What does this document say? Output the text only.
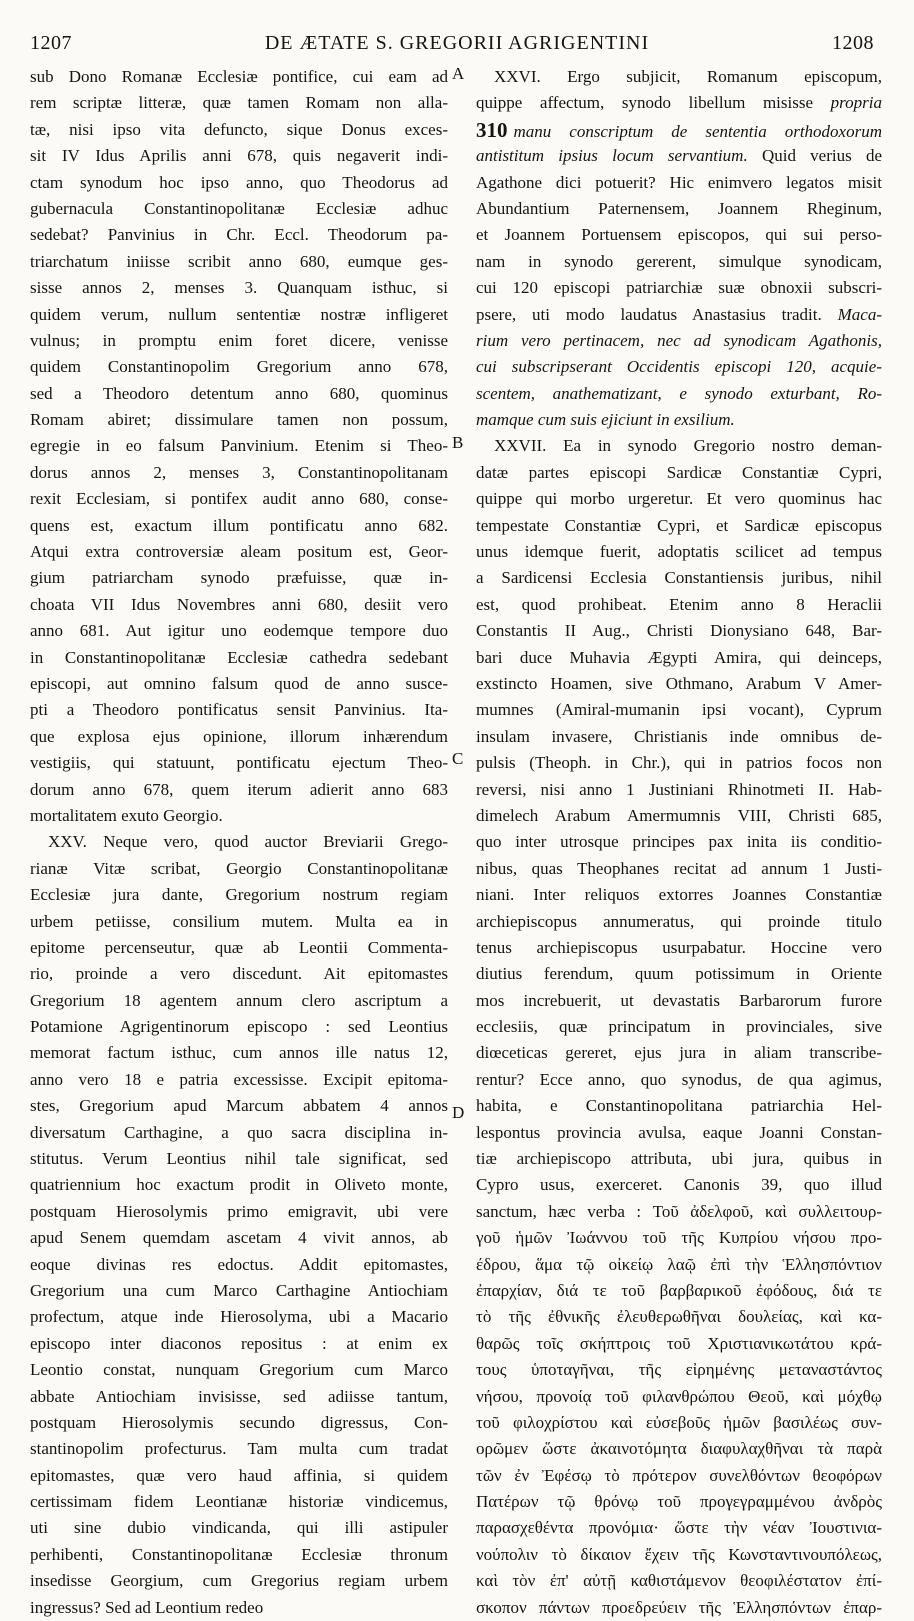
1207	DE ÆTATE S. GREGORII AGRIGENTINI	1208
A
B
C
D
sub Dono Romanæ Ecclesiæ pontifice, cui eam ad
rem scriptæ litteræ, quæ tamen Romam non alla-
tæ, nisi ipso vita defuncto, sique Donus exces-
sit IV Idus Aprilis anni 678, quis negaverit indi-
ctam synodum hoc ipso anno, quo Theodorus ad
gubernacula Constantinopolitanæ Ecclesiæ adhuc
sedebat? Panvinius in Chr. Eccl. Theodorum pa-
triarchatum iniisse scribit anno 680, eumque ges-
sisse annos 2, menses 3. Quanquam isthuc, si
quidem verum, nullum sententiæ nostræ infligeret
vulnus; in promptu enim foret dicere, venisse
quidem Constantinopolim Gregorium anno 678,
sed a Theodoro detentum anno 680, quominus
Romam abiret; dissimulare tamen non possum,
egregie in eo falsum Panvinium. Etenim si Theo-
dorus annos 2, menses 3, Constantinopolitanam
rexit Ecclesiam, si pontifex audit anno 680, conse-
quens est, exactum illum pontificatu anno 682.
Atqui extra controversiæ aleam positum est, Geor-
gium patriarcham synodo præfuisse, quæ in-
choata VII Idus Novembres anni 680, desiit vero
anno 681. Aut igitur uno eodemque tempore duo
in Constantinopolitanæ Ecclesiæ cathedra sedebant
episcopi, aut omnino falsum quod de anno susce-
pti a Theodoro pontificatus sensit Panvinius. Ita-
que explosa ejus opinione, illorum inhærendum
vestigiis, qui statuunt, pontificatu ejectum Theo-
dorum anno 678, quem iterum adierit anno 683
mortalitatem exuto Georgio.
XXV. Neque vero, quod auctor Breviarii Grego-
rianæ Vitæ scribat, Georgio Constantinopolitanæ
Ecclesiæ jura dante, Gregorium nostrum regiam
urbem petiisse, consilium mutem. Multa ea in
epitome percenseutur, quæ ab Leontii Commenta-
rio, proinde a vero discedunt. Ait epitomastes
Gregorium 18 agentem annum clero ascriptum a
Potamione Agrigentinorum episcopo : sed Leontius
memorat factum isthuc, cum annos ille natus 12,
anno vero 18 e patria excessisse. Excipit epitoma-
stes, Gregorium apud Marcum abbatem 4 annos
diversatum Carthagine, a quo sacra disciplina in-
stitutus. Verum Leontius nihil tale significat, sed
quatriennium hoc exactum prodit in Oliveto monte,
postquam Hierosolymis primo emigravit, ubi vere
apud Senem quemdam ascetam 4 vivit annos, ab
eoque divinas res edoctus. Addit epitomastes,
Gregorium una cum Marco Carthagine Antiochiam
profectum, atque inde Hierosolyma, ubi a Macario
episcopo inter diaconos repositus : at enim ex
Leontio constat, nunquam Gregorium cum Marco
abbate Antiochiam invisisse, sed adiisse tantum,
postquam Hierosolymis secundo digressus, Con-
stantinopolim profecturus. Tam multa cum tradat
epitomastes, quæ vero haud affinia, si quidem
certissimam fidem Leontianæ historiæ vindicemus,
uti sine dubio vindicanda, qui illi astipuler
perhibenti, Constantinopolitanæ Ecclesiæ thronum
insedisse Georgium, cum Gregorius regiam urbem
ingressus? Sed ad Leontium redeo
XXVI. Ergo subjicit, Romanum episcopum,
quippe affectum, synodo libellum misisse propria
310 manu conscriptum de sententia orthodoxorum
antistitum ipsius locum servantium. Quid verius de
Agathone dici potuerit? Hic enimvero legatos misit
Abundantium Paternensem, Joannem Rheginum,
et Joannem Portuensem episcopos, qui sui perso-
nam in synodo gererent, simulque synodicam,
cui 120 episcopi patriarchiæ suæ obnoxii subscri-
psere, uti modo laudatus Anastasius tradit. Maca-
rium vero pertinacem, nec ad synodicam Agathonis,
cui subscripserant Occidentis episcopi 120, acquie-
scentem, anathematizant, e synodo exturbant, Ro-
mamque cum suis ejiciunt in exsilium.
XXVII. Ea in synodo Gregorio nostro deman-
datæ partes episcopi Sardicæ Constantiæ Cypri,
quippe qui morbo urgeretur. Et vero quominus hac
tempestate Constantiæ Cypri, et Sardicæ episcopus
unus idemque fuerit, adoptatis scilicet ad tempus
a Sardicensi Ecclesia Constantiensis juribus, nihil
est, quod prohibeat. Etenim anno 8 Heraclii
Constantis II Aug., Christi Dionysiano 648, Bar-
bari duce Muhavia Ægypti Amira, qui deinceps,
exstincto Hoamen, sive Othmano, Arabum V Amer-
mumnes (Amiral-mumanin ipsi vocant), Cyprum
insulam invasere, Christianis inde omnibus de-
pulsis (Theoph. in Chr.), qui in patrios focos non
reversi, nisi anno 1 Justiniani Rhinotmeti II. Hab-
dimelech Arabum Amermumnis VIII, Christi 685,
quo inter utrosque principes pax inita iis conditio-
nibus, quas Theophanes recitat ad annum 1 Justi-
niani. Inter reliquos extorres Joannes Constantiæ
archiepiscopus annumeratus, qui proinde titulo
tenus archiepiscopus usurpabatur. Hoccine vero
diutius ferendum, quum potissimum in Oriente
mos increbuerit, ut devastatis Barbarorum furore
ecclesiis, quæ principatum in provinciales, sive
diœceticas gereret, ejus jura in aliam transcribe-
rentur? Ecce anno, quo synodus, de qua agimus,
habita, e Constantinopolitana patriarchia Hel-
lespontus provincia avulsa, eaque Joanni Constan-
tiæ archiepiscopo attributa, ubi jura, quibus in
Cypro usus, exerceret. Canonis 39, quo illud
sanctum, hæc verba : Τοῦ ἀδελφοῦ, καὶ συλλειτουρ-
γοῦ ἡμῶν Ἰωάννου τοῦ τῆς Κυπρίου νήσου προ-
έδρου, ἅμα τῷ οἰκείῳ λαῷ ἐπὶ τὴν Ἑλλησπόντιον
ἐπαρχίαν, διά τε τοῦ βαρβαρικοῦ ἐφόδους, διά τε
τὸ τῆς ἐθνικῆς ἐλευθερωθῆναι δουλείας, καὶ κα-
θαρῶς τοῖς σκήπτροις τοῦ Χριστιανικωτάτου κρά-
τους ὑποταγῆναι, τῆς εἰρημένης μεταναστάντος
νήσου, προνοίᾳ τοῦ φιλανθρώπου Θεοῦ, καὶ μόχθῳ
τοῦ φιλοχρίστου καὶ εὐσεβοῦς ἡμῶν βασιλέως συν-
ορῶμεν ὥστε ἀκαινοτόμητα διαφυλαχθῆναι τὰ παρὰ
τῶν ἐν Ἐφέσῳ τὸ πρότερον συνελθόντων θεοφόρων
Πατέρων τῷ θρόνῳ τοῦ προγεγραμμένου ἀνδρὸς
παρασχεθέντα προνόμια· ὥστε τὴν νέαν Ἰουστινια-
νούπολιν τὸ δίκαιον ἔχειν τῆς Κωνσταντινουπόλεως,
καὶ τὸν ἐπ' αὐτῇ καθιστάμενον θεοφιλέστατον ἐπί-
σκοπον πάντων προεδρεύειν τῆς Ἑλλησπόντων ἐπαρ-
